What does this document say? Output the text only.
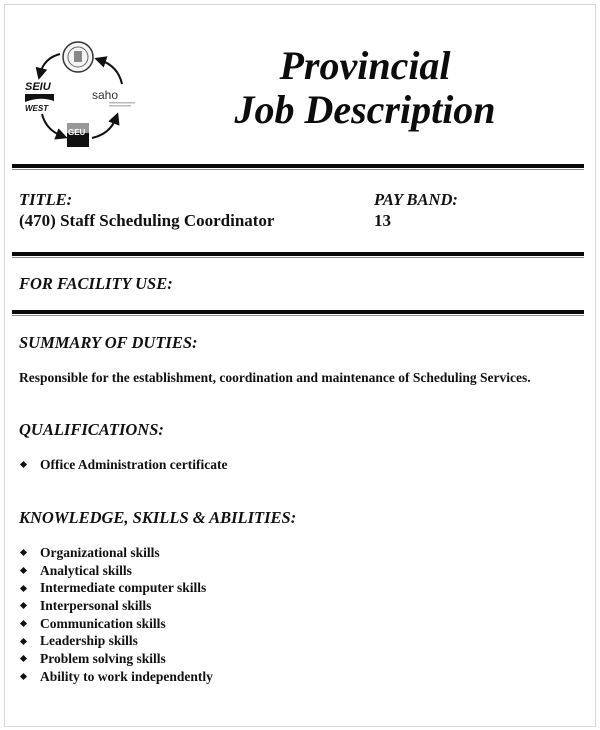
SEIU
WEST
saho
GEU
Provincial
Job Description
TITLE:
(470) Staff Scheduling Coordinator
PAY BAND:
13
FOR FACILITY USE:
SUMMARY OF DUTIES:
Responsible for the establishment, coordination and maintenance of Scheduling Services.
QUALIFICATIONS:
Office Administration certificate
KNOWLEDGE, SKILLS & ABILITIES:
Organizational skills
Analytical skills
Intermediate computer skills
Interpersonal skills
Communication skills
Leadership skills
Problem solving skills
Ability to work independently
